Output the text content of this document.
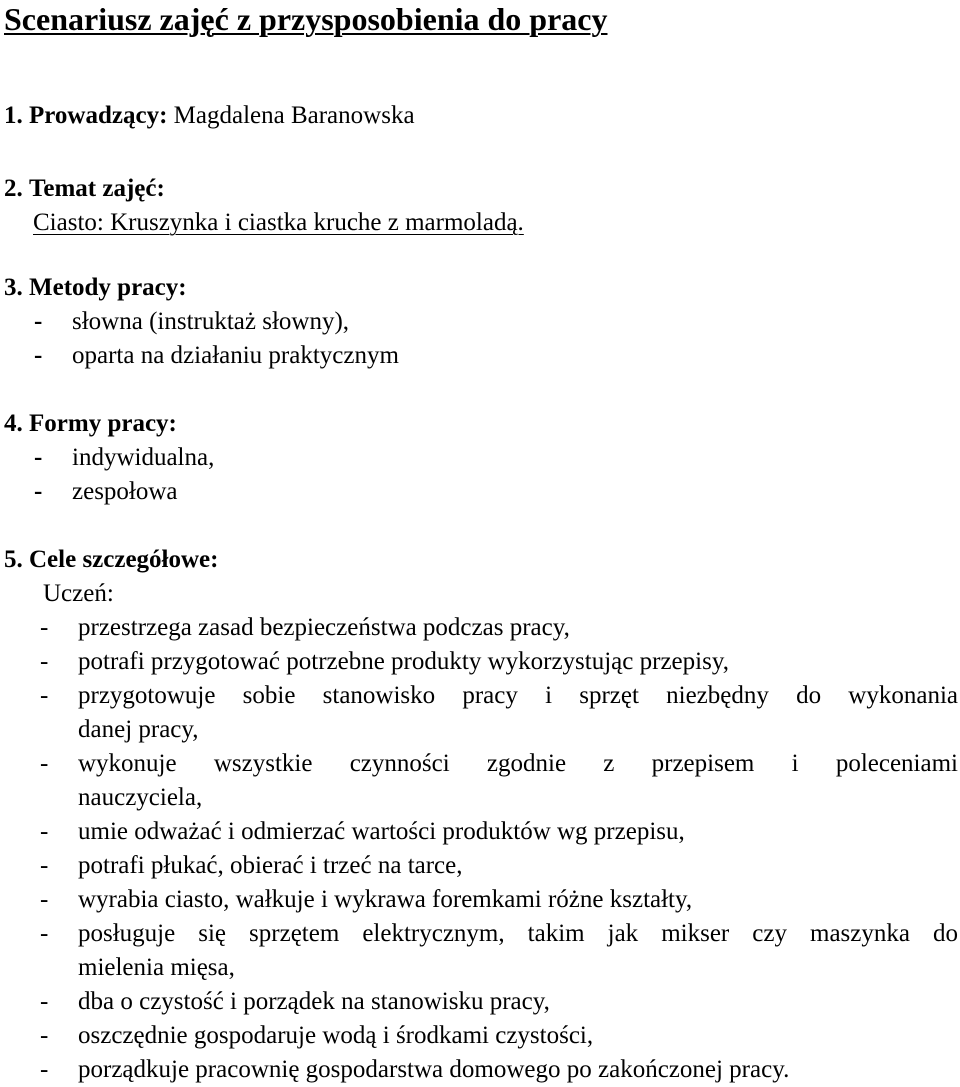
Scenariusz zajęć z przysposobienia do pracy
1. Prowadzący: Magdalena Baranowska
2. Temat zajęć:
Ciasto: Kruszynka i ciastka kruche z marmoladą.
3. Metody pracy:
- słowna (instruktaż słowny),
- oparta na działaniu praktycznym
4. Formy pracy:
- indywidualna,
- zespołowa
5. Cele szczegółowe:
Uczeń:
- przestrzega zasad bezpieczeństwa podczas pracy,
- potrafi przygotować potrzebne produkty wykorzystując przepisy,
- przygotowuje sobie stanowisko pracy i sprzęt niezbędny do wykonania
danej pracy,
- wykonuje wszystkie czynności zgodnie z przepisem i poleceniami
nauczyciela,
- umie odważać i odmierzać wartości produktów wg przepisu,
- potrafi płukać, obierać i trzeć na tarce,
- wyrabia ciasto, wałkuje i wykrawa foremkami różne kształty,
- posługuje się sprzętem elektrycznym, takim jak mikser czy maszynka do
mielenia mięsa,
- dba o czystość i porządek na stanowisku pracy,
- oszczędnie gospodaruje wodą i środkami czystości,
- porządkuje pracownię gospodarstwa domowego po zakończonej pracy.
